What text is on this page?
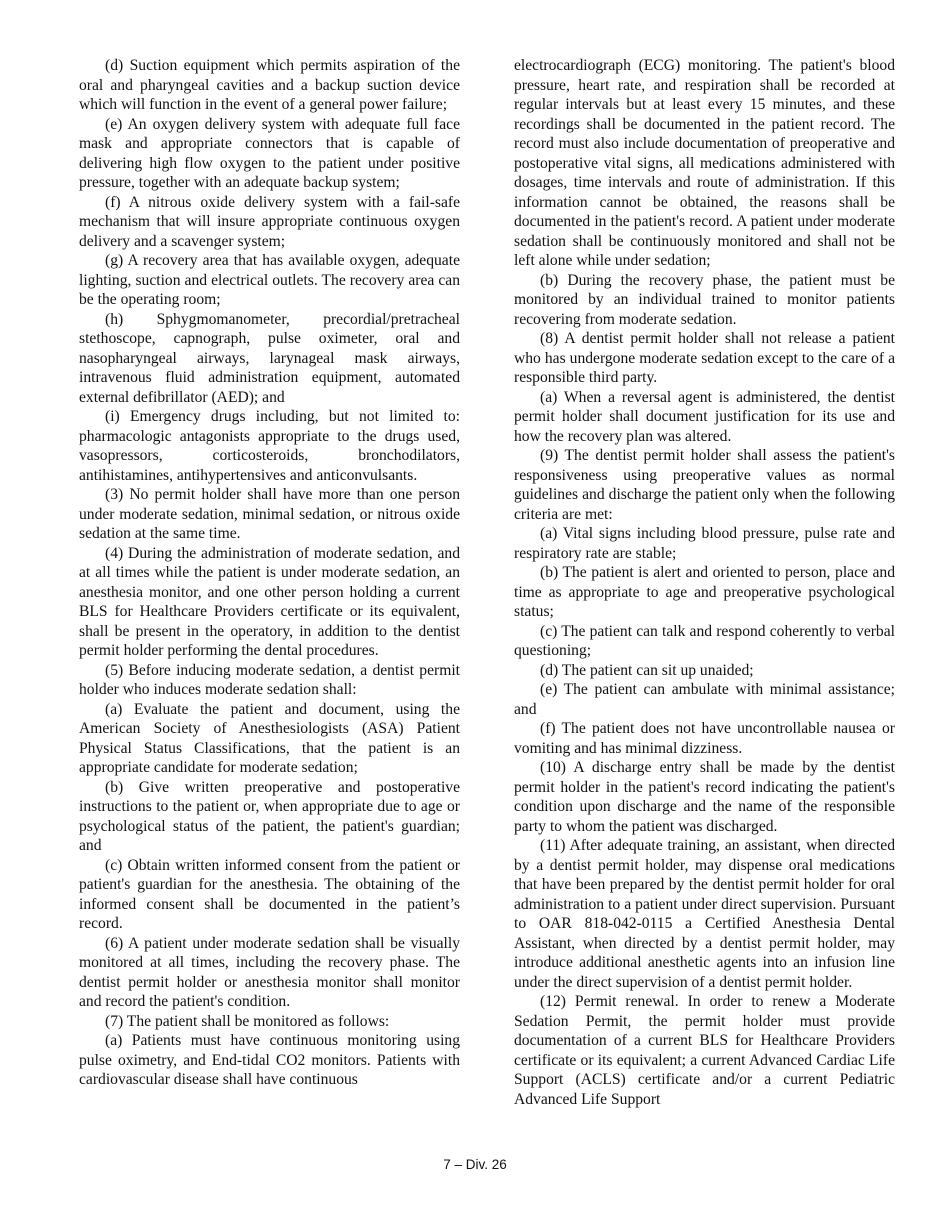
(d) Suction equipment which permits aspiration of the oral and pharyngeal cavities and a backup suction device which will function in the event of a general power failure;

(e) An oxygen delivery system with adequate full face mask and appropriate connectors that is capable of delivering high flow oxygen to the patient under positive pressure, together with an adequate backup system;

(f) A nitrous oxide delivery system with a fail-safe mechanism that will insure appropriate continuous oxygen delivery and a scavenger system;

(g) A recovery area that has available oxygen, adequate lighting, suction and electrical outlets. The recovery area can be the operating room;

(h) Sphygmomanometer, precordial/pretracheal stethoscope, capnograph, pulse oximeter, oral and nasopharyngeal airways, larynageal mask airways, intravenous fluid administration equipment, automated external defibrillator (AED); and

(i) Emergency drugs including, but not limited to: pharmacologic antagonists appropriate to the drugs used, vasopressors, corticosteroids, bronchodilators, antihistamines, antihypertensives and anticonvulsants.

(3) No permit holder shall have more than one person under moderate sedation, minimal sedation, or nitrous oxide sedation at the same time.

(4) During the administration of moderate sedation, and at all times while the patient is under moderate sedation, an anesthesia monitor, and one other person holding a current BLS for Healthcare Providers certificate or its equivalent, shall be present in the operatory, in addition to the dentist permit holder performing the dental procedures.

(5) Before inducing moderate sedation, a dentist permit holder who induces moderate sedation shall:

(a) Evaluate the patient and document, using the American Society of Anesthesiologists (ASA) Patient Physical Status Classifications, that the patient is an appropriate candidate for moderate sedation;

(b) Give written preoperative and postoperative instructions to the patient or, when appropriate due to age or psychological status of the patient, the patient's guardian; and

(c) Obtain written informed consent from the patient or patient's guardian for the anesthesia. The obtaining of the informed consent shall be documented in the patient’s record.

(6) A patient under moderate sedation shall be visually monitored at all times, including the recovery phase. The dentist permit holder or anesthesia monitor shall monitor and record the patient's condition.

(7) The patient shall be monitored as follows:

(a) Patients must have continuous monitoring using pulse oximetry, and End-tidal CO2 monitors. Patients with cardiovascular disease shall have continuous

electrocardiograph (ECG) monitoring. The patient's blood pressure, heart rate, and respiration shall be recorded at regular intervals but at least every 15 minutes, and these recordings shall be documented in the patient record. The record must also include documentation of preoperative and postoperative vital signs, all medications administered with dosages, time intervals and route of administration. If this information cannot be obtained, the reasons shall be documented in the patient's record. A patient under moderate sedation shall be continuously monitored and shall not be left alone while under sedation;

(b) During the recovery phase, the patient must be monitored by an individual trained to monitor patients recovering from moderate sedation.

(8) A dentist permit holder shall not release a patient who has undergone moderate sedation except to the care of a responsible third party.

(a) When a reversal agent is administered, the dentist permit holder shall document justification for its use and how the recovery plan was altered.

(9) The dentist permit holder shall assess the patient's responsiveness using preoperative values as normal guidelines and discharge the patient only when the following criteria are met:

(a) Vital signs including blood pressure, pulse rate and respiratory rate are stable;

(b) The patient is alert and oriented to person, place and time as appropriate to age and preoperative psychological status;

(c) The patient can talk and respond coherently to verbal questioning;

(d) The patient can sit up unaided;

(e) The patient can ambulate with minimal assistance; and

(f) The patient does not have uncontrollable nausea or vomiting and has minimal dizziness.

(10) A discharge entry shall be made by the dentist permit holder in the patient's record indicating the patient's condition upon discharge and the name of the responsible party to whom the patient was discharged.

(11) After adequate training, an assistant, when directed by a dentist permit holder, may dispense oral medications that have been prepared by the dentist permit holder for oral administration to a patient under direct supervision. Pursuant to OAR 818-042-0115 a Certified Anesthesia Dental Assistant, when directed by a dentist permit holder, may introduce additional anesthetic agents into an infusion line under the direct supervision of a dentist permit holder.

(12) Permit renewal. In order to renew a Moderate Sedation Permit, the permit holder must provide documentation of a current BLS for Healthcare Providers certificate or its equivalent; a current Advanced Cardiac Life Support (ACLS) certificate and/or a current Pediatric Advanced Life Support

7 – Div. 26
